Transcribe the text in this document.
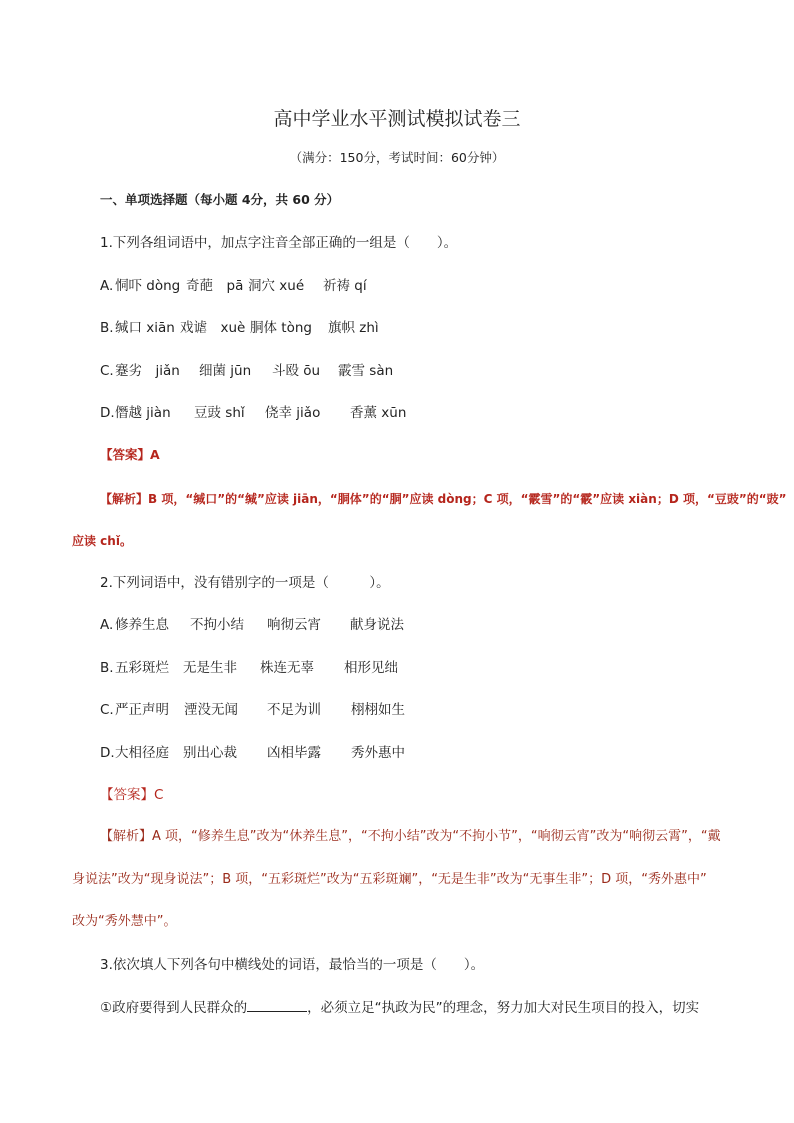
高中学业水平测试模拟试卷三
（满分：150分，考试时间：60分钟）
一、单项选择题（每小题 4分，共 60 分）
1.下列各组词语中，加点字注音全部正确的一组是（　　）。
A. 恫吓 dòng 奇葩　pā 洞穴 xué 祈祷 qí
B. 缄口 xiān 戏谑　xuè 胴体 tòng 旗帜 zhì
C. 蹇劣　jiǎn 细菌 jūn 斗殴 ōu 霰雪 sàn
D. 僭越 jiàn 豆豉 shǐ 侥幸 jiǎo 香薰 xūn
【答案】A
【解析】B 项，“缄口”的“缄”应读 jiān，“胴体”的“胴”应读 dòng；C 项，“霰雪”的“霰”应读 xiàn；D 项，“豆豉”的“豉”
应读 chǐ。
2.下列词语中，没有错别字的一项是（　　　）。
A. 修养生息 不拘小结 响彻云宵 献身说法
B. 五彩斑烂 无是生非 株连无辜 相形见绌
C. 严正声明 湮没无闻 不足为训 栩栩如生
D. 大相径庭 别出心裁 凶相毕露 秀外惠中
【答案】C
【解析】A 项，“修养生息”改为“休养生息”，“不拘小结”改为“不拘小节”，“响彻云宵”改为“响彻云霄”，“戴
身说法”改为“现身说法”；B 项，“五彩斑烂”改为“五彩斑斓”，“无是生非”改为“无事生非”；D 项，“秀外惠中”
改为“秀外慧中”。
3.依次填人下列各句中横线处的词语，最恰当的一项是（　　）。
①政府要得到人民群众的	，必须立足“执政为民”的理念，努力加大对民生项目的投入，切实
